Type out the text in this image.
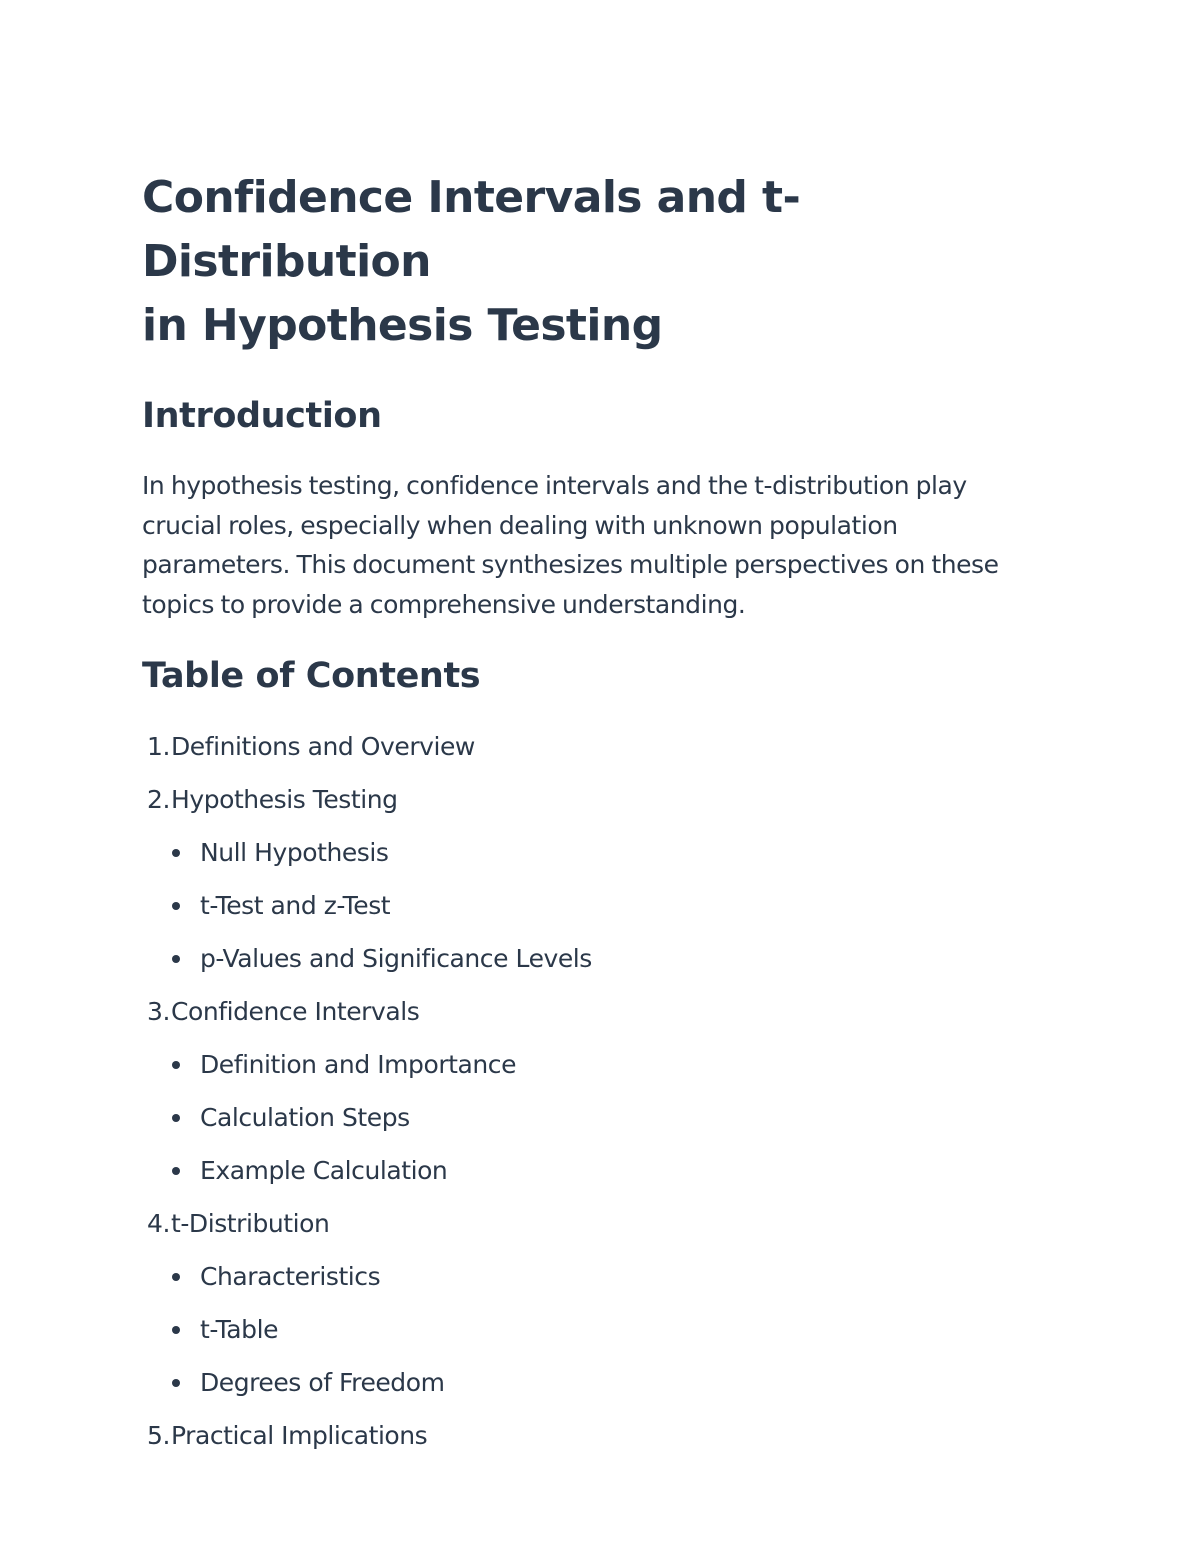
Confidence Intervals and t-Distribution
in Hypothesis Testing
Introduction

In hypothesis testing, confidence intervals and the t-distribution play crucial roles, especially when dealing with unknown population parameters. This document synthesizes multiple perspectives on these topics to provide a comprehensive understanding.

Table of Contents
1. Definitions and Overview
2. Hypothesis Testing
Null Hypothesis
t-Test and z-Test
p-Values and Significance Levels
3. Confidence Intervals
Definition and Importance
Calculation Steps
Example Calculation
4. t-Distribution
Characteristics
t-Table
Degrees of Freedom
5. Practical Implications
